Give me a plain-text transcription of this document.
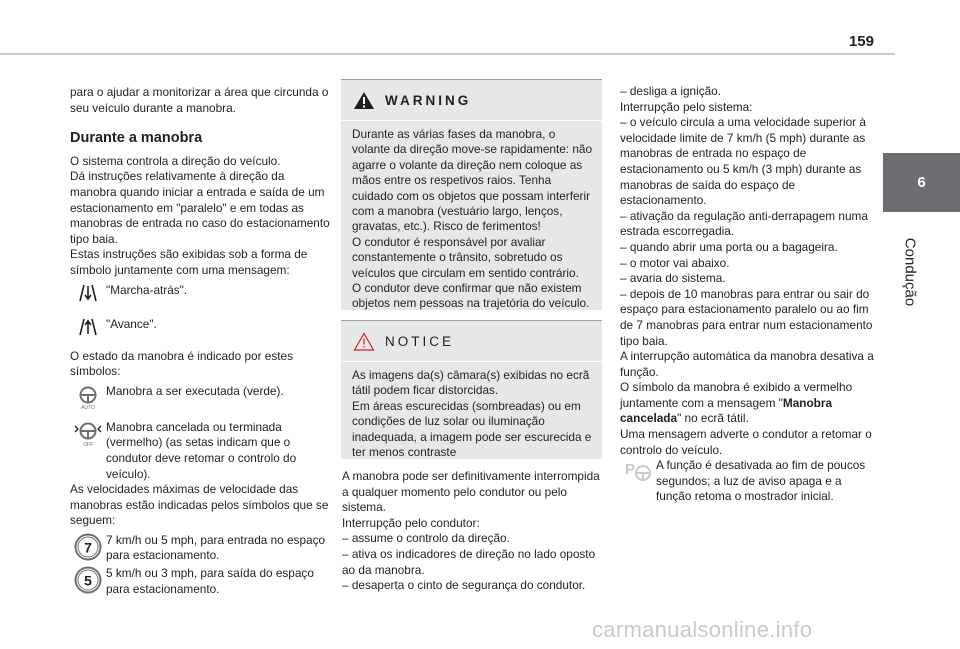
159
6
Condução

para o ajudar a monitorizar a área que circunda o seu veículo durante a manobra.

Durante a manobra

O sistema controla a direção do veículo.

Dá instruções relativamente à direção da manobra quando iniciar a entrada e saída de um estacionamento em "paralelo" e em todas as manobras de entrada no caso do estacionamento tipo baia.

Estas instruções são exibidas sob a forma de símbolo juntamente com uma mensagem:

"Marcha-atrás".
"Avance".

O estado da manobra é indicado por estes símbolos:

AUTO
Manobra a ser executada (verde).
OFF
Manobra cancelada ou terminada (vermelho) (as setas indicam que o condutor deve retomar o controlo do veículo).

As velocidades máximas de velocidade das manobras estão indicadas pelos símbolos que se seguem:

7 7 km/h ou 5 mph, para entrada no espaço para estacionamento.
5 5 km/h ou 3 mph, para saída do espaço para estacionamento.
WARNING

Durante as várias fases da manobra, o volante da direção move-se rapidamente: não agarre o volante da direção nem coloque as mãos entre os respetivos raios. Tenha cuidado com os objetos que possam interferir com a manobra (vestuário largo, lenços, gravatas, etc.). Risco de ferimentos!

O condutor é responsável por avaliar constantemente o trânsito, sobretudo os veículos que circulam em sentido contrário.

O condutor deve confirmar que não existem objetos nem pessoas na trajetória do veículo.

NOTICE

As imagens da(s) câmara(s) exibidas no ecrã tátil podem ficar distorcidas.

Em áreas escurecidas (sombreadas) ou em condições de luz solar ou iluminação inadequada, a imagem pode ser escurecida e ter menos contraste

A manobra pode ser definitivamente interrompida a qualquer momento pelo condutor ou pelo sistema.

Interrupção pelo condutor:

– assume o controlo da direção.

– ativa os indicadores de direção no lado oposto ao da manobra.

– desaperta o cinto de segurança do condutor.

– desliga a ignição.

Interrupção pelo sistema:

– o veículo circula a uma velocidade superior à velocidade limite de 7 km/h (5 mph) durante as manobras de entrada no espaço de estacionamento ou 5 km/h (3 mph) durante as manobras de saída do espaço de estacionamento.

– ativação da regulação anti-derrapagem numa estrada escorregadia.

– quando abrir uma porta ou a bagageira.

– o motor vai abaixo.

– avaria do sistema.

– depois de 10 manobras para entrar ou sair do espaço para estacionamento paralelo ou ao fim de 7 manobras para entrar num estacionamento tipo baia.

A interrupção automática da manobra desativa a função.

O símbolo da manobra é exibido a vermelho juntamente com a mensagem "Manobra cancelada" no ecrã tátil.

Uma mensagem adverte o condutor a retomar o controlo do veículo.

P A função é desativada ao fim de poucos segundos; a luz de aviso apaga e a função retoma o mostrador inicial.
carmanualsonline.info
